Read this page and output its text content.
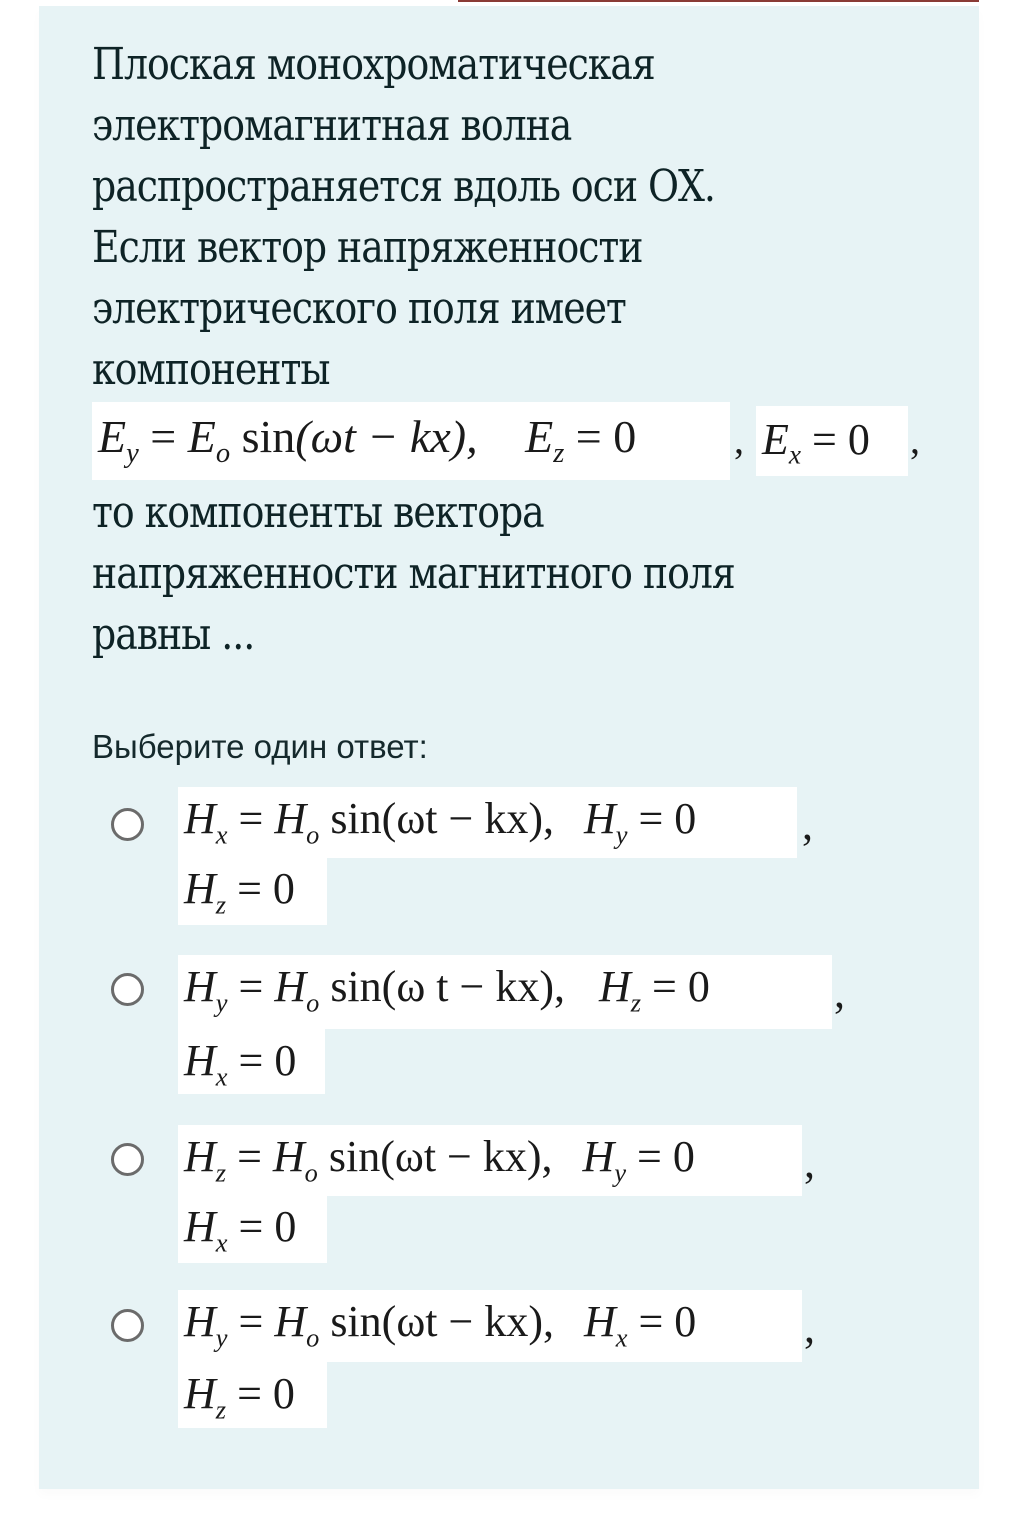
Плоская монохроматическая
электромагнитная волна
распространяется вдоль оси ОХ.
Если вектор напряженности
электрического поля имеет
компоненты
$E_y = E_o$ sin(ωt − kx), $E_z = 0$ , $E_x = 0$ ,
то компоненты вектора
напряженности магнитного поля
равны ...
Выберите один ответ:
$H_x = H_o$ sin(ωt − kx), $H_y = 0$ ,
$H_z = 0$
$H_y = H_o$ sin(ω t − kx), $H_z = 0$	,
$H_x = 0$
$H_z = H_o$ sin(ωt − kx), $H_y = 0$ ,
$H_x = 0$
$H_y = H_o$ sin(ωt − kx), $H_x = 0$ ,
$H_z = 0$
